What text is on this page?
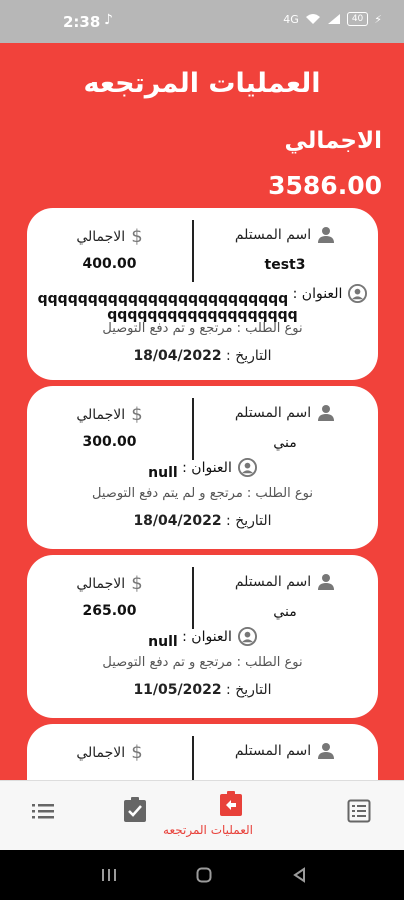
2:38 ♪	4G	40	⚡
العمليات المرتجعه
الاجمالي
3586.00
اسم المستلم
test3
$
الاجمالي
400.00
العنوان :
qqqqqqqqqqqqqqqqqqqqqqqqqqqqqqqqqqqqqqqqqqqq
نوع الطلب : مرتجع و تم دفع التوصيل
التاريخ : 18/04/2022
اسم المستلم
مني
$
الاجمالي
300.00
العنوان :
null
نوع الطلب : مرتجع و لم يتم دفع التوصيل
التاريخ : 18/04/2022
اسم المستلم
مني
$
الاجمالي
265.00
العنوان :
null
نوع الطلب : مرتجع و تم دفع التوصيل
التاريخ : 11/05/2022
اسم المستلم
$
الاجمالي
العمليات المرتجعه
